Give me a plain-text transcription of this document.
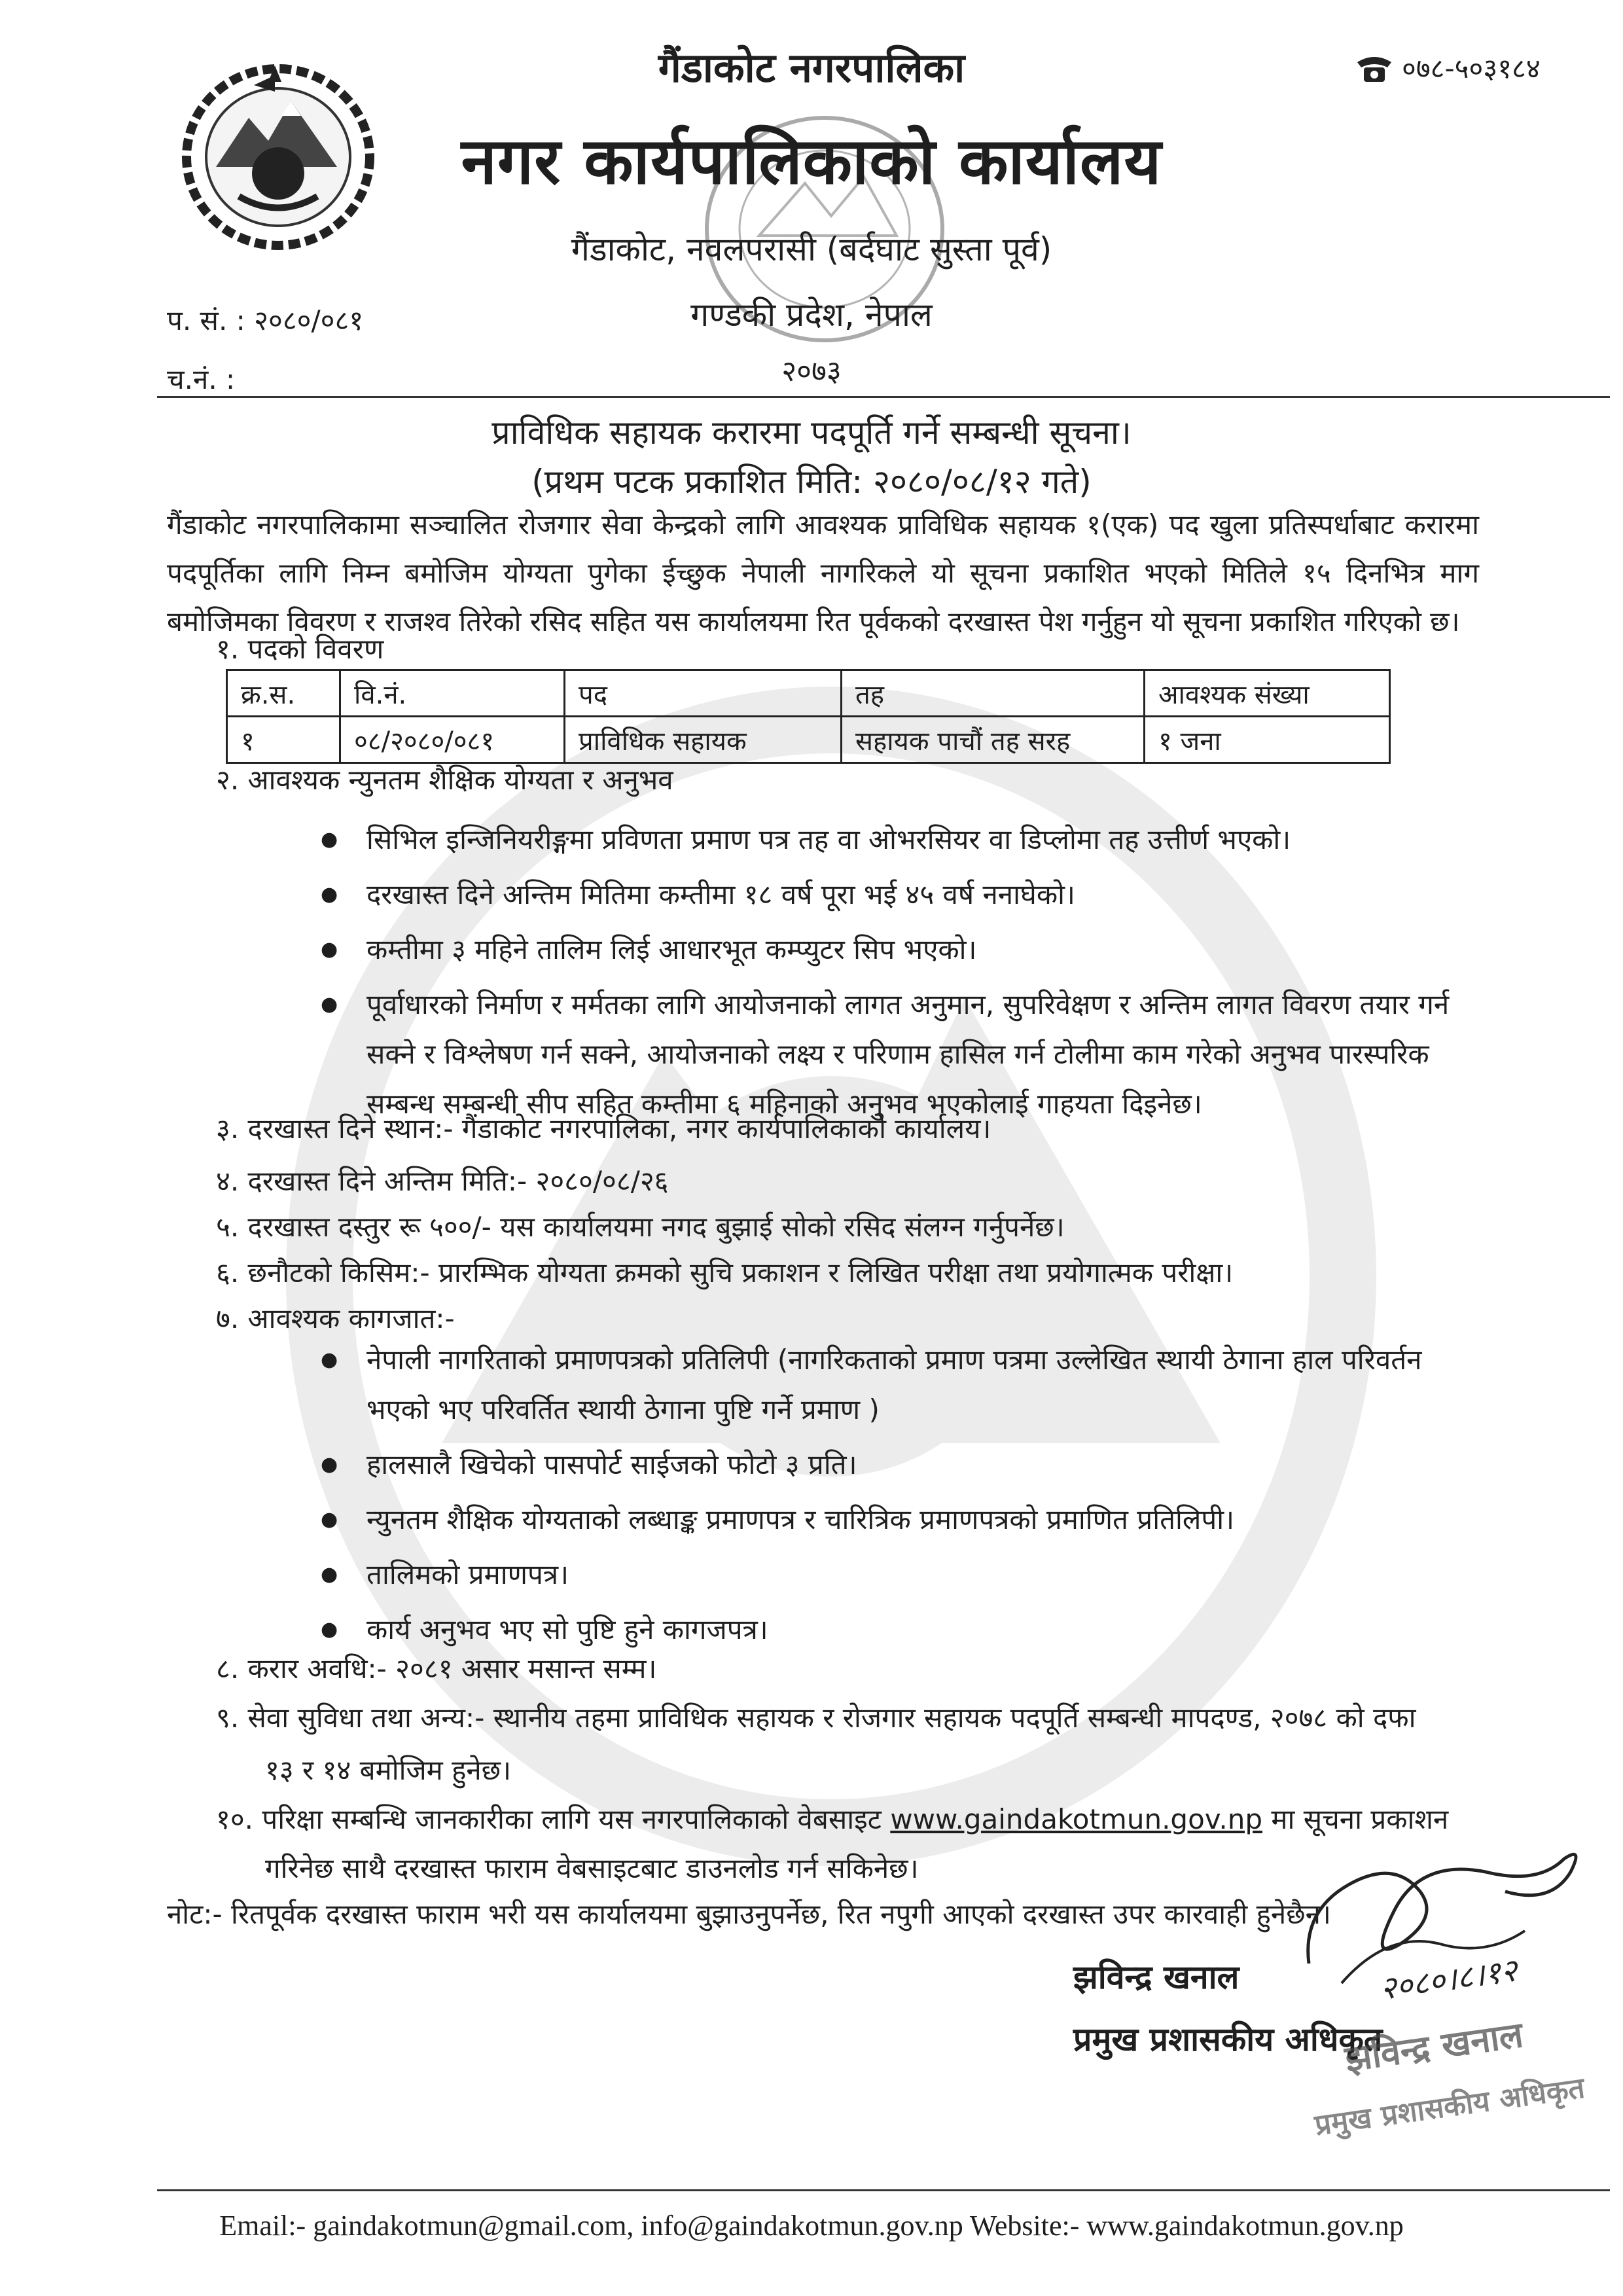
०७८-५०३१८४
गैंडाकोट नगरपालिका
नगर कार्यपालिकाको कार्यालय
गैंडाकोट, नवलपरासी (बर्दघाट सुस्ता पूर्व)
गण्डकी प्रदेश, नेपाल
२०७३
प. सं. : २०८०/०८१
च.नं. :
प्राविधिक सहायक करारमा पदपूर्ति गर्ने सम्बन्धी सूचना।
(प्रथम पटक प्रकाशित मिति: २०८०/०८/१२ गते)
गैंडाकोट नगरपालिकामा सञ्चालित रोजगार सेवा केन्द्रको लागि आवश्यक प्राविधिक सहायक १(एक) पद खुला प्रतिस्पर्धाबाट करारमा पदपूर्तिका लागि निम्न बमोजिम योग्यता पुगेका ईच्छुक नेपाली नागरिकले यो सूचना प्रकाशित भएको मितिले १५ दिनभित्र माग बमोजिमका विवरण र राजश्व तिरेको रसिद सहित यस कार्यालयमा रित पूर्वकको दरखास्त पेश गर्नुहुन यो सूचना प्रकाशित गरिएको छ।
१. पदको विवरण
क्र.स.	वि.नं.	पद	तह	आवश्यक संख्या
१	०८/२०८०/०८१	प्राविधिक सहायक	सहायक पाचौं तह सरह	१ जना
२. आवश्यक न्युनतम शैक्षिक योग्यता र अनुभव
● सिभिल इन्जिनियरीङ्गमा प्रविणता प्रमाण पत्र तह वा ओभरसियर वा डिप्लोमा तह उत्तीर्ण भएको।
● दरखास्त दिने अन्तिम मितिमा कम्तीमा १८ वर्ष पूरा भई ४५ वर्ष ननाघेको।
● कम्तीमा ३ महिने तालिम लिई आधारभूत कम्प्युटर सिप भएको।
● पूर्वाधारको निर्माण र मर्मतका लागि आयोजनाको लागत अनुमान, सुपरिवेक्षण र अन्तिम लागत विवरण तयार गर्न सक्ने र विश्लेषण गर्न सक्ने, आयोजनाको लक्ष्य र परिणाम हासिल गर्न टोलीमा काम गरेको अनुभव पारस्परिक सम्बन्ध सम्बन्धी सीप सहित कम्तीमा ६ महिनाको अनुभव भएकोलाई गाहयता दिइनेछ।
३. दरखास्त दिने स्थान:- गैंडाकोट नगरपालिका, नगर कार्यपालिकाको कार्यालय।
४. दरखास्त दिने अन्तिम मिति:- २०८०/०८/२६
५. दरखास्त दस्तुर रू ५००/- यस कार्यालयमा नगद बुझाई सोको रसिद संलग्न गर्नुपर्नेछ।
६. छनौटको किसिम:- प्रारम्भिक योग्यता क्रमको सुचि प्रकाशन र लिखित परीक्षा तथा प्रयोगात्मक परीक्षा।
७. आवश्यक कागजात:-
● नेपाली नागरिताको प्रमाणपत्रको प्रतिलिपी (नागरिकताको प्रमाण पत्रमा उल्लेखित स्थायी ठेगाना हाल परिवर्तन भएको भए परिवर्तित स्थायी ठेगाना पुष्टि गर्ने प्रमाण )
● हालसालै खिचेको पासपोर्ट साईजको फोटो ३ प्रति।
● न्युनतम शैक्षिक योग्यताको लब्धाङ्क प्रमाणपत्र र चारित्रिक प्रमाणपत्रको प्रमाणित प्रतिलिपी।
● तालिमको प्रमाणपत्र।
● कार्य अनुभव भए सो पुष्टि हुने कागजपत्र।
८. करार अवधि:- २०८१ असार मसान्त सम्म।
९. सेवा सुविधा तथा अन्य:- स्थानीय तहमा प्राविधिक सहायक र रोजगार सहायक पदपूर्ति सम्बन्धी मापदण्ड, २०७८ को दफा
१३ र १४ बमोजिम हुनेछ।
१०. परिक्षा सम्बन्धि जानकारीका लागि यस नगरपालिकाको वेबसाइट www.gaindakotmun.gov.np मा सूचना प्रकाशन
गरिनेछ साथै दरखास्त फाराम वेबसाइटबाट डाउनलोड गर्न सकिनेछ।
नोट:- रितपूर्वक दरखास्त फाराम भरी यस कार्यालयमा बुझाउनुपर्नेछ, रित नपुगी आएको दरखास्त उपर कारवाही हुनेछैन।
२०८०।८।१२
झविन्द्र खनाल
प्रमुख प्रशासकीय अधिकृत
झविन्द्र खनाल
प्रमुख प्रशासकीय अधिकृत
Email:- gaindakotmun@gmail.com, info@gaindakotmun.gov.np Website:- www.gaindakotmun.gov.np
